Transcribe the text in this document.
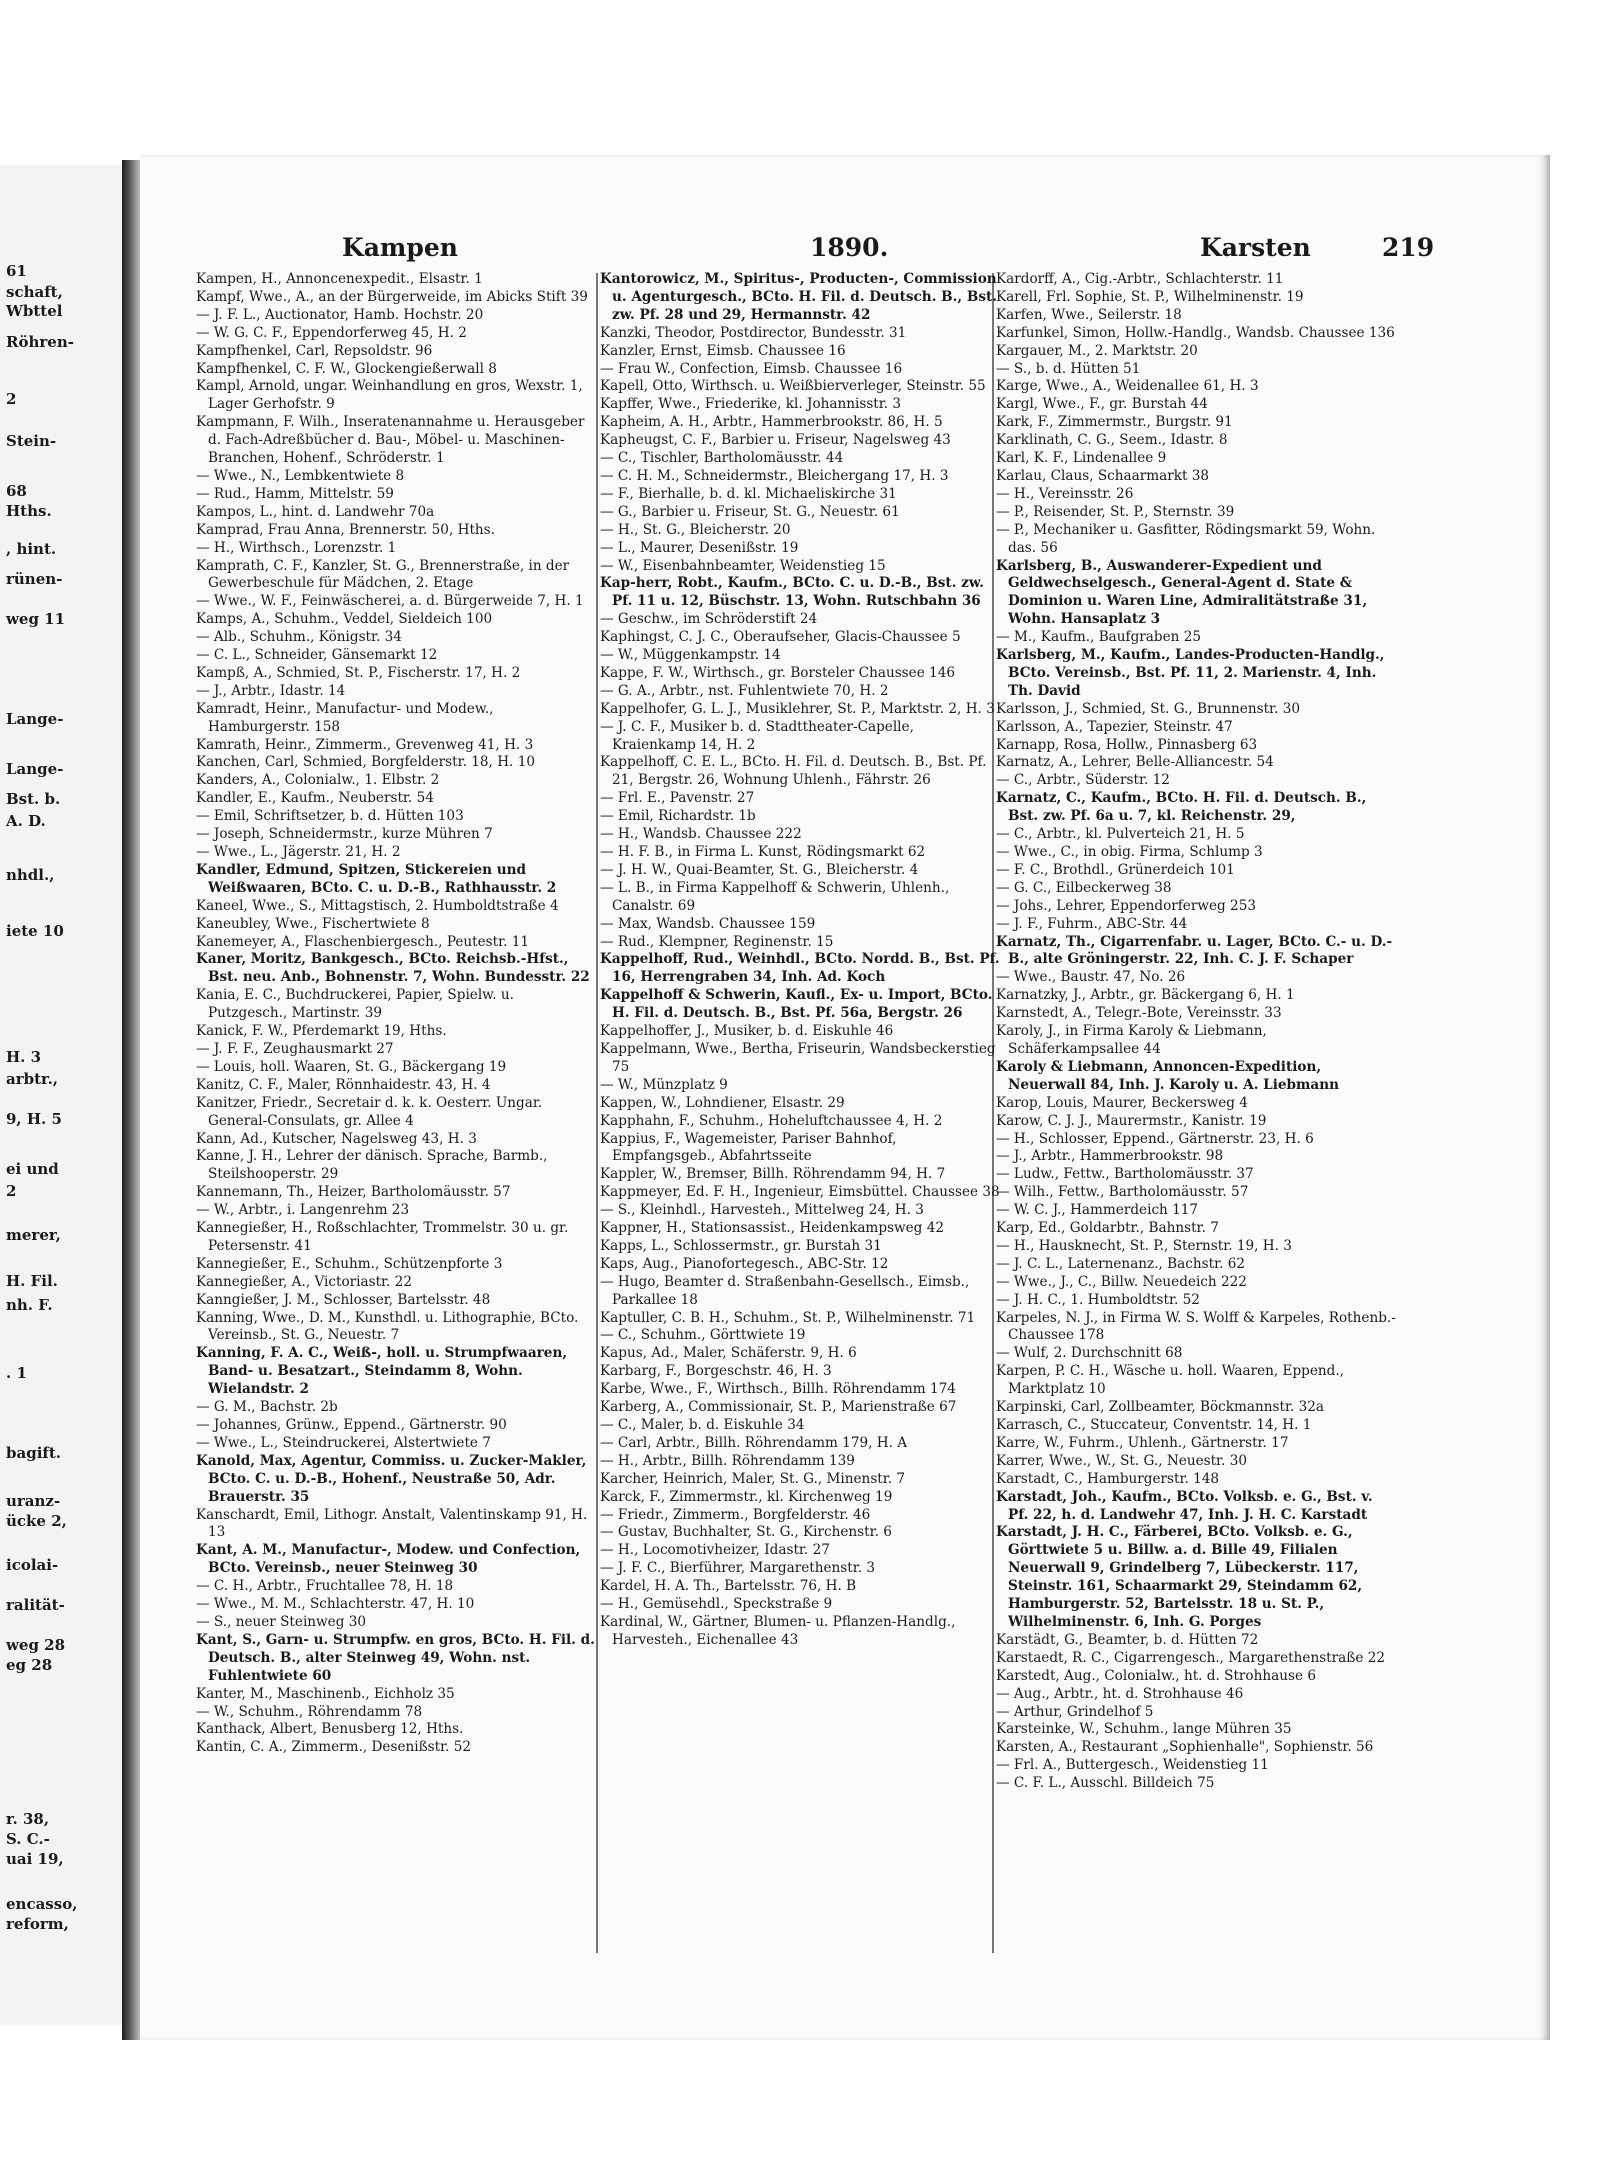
61
schaft,
Wbttel
Röhren-
2
Stein-
68
Hths.
, hint.
rünen-
weg 11
Lange-
Lange-
Bst. b.
A. D.
nhdl.,
iete 10
H. 3
arbtr.,
9, H. 5
ei und
2
merer,
H. Fil.
nh. F.
. 1
bagift.
uranz-
ücke 2,
icolai-
ralität-
weg 28
eg 28
r. 38,
S. C.-
uai 19,
encasso,
reform,
Kampen	1890.	Karsten	219

Kampen, H., Annoncenexpedit., Elsastr. 1

Kampf, Wwe., A., an der Bürgerweide, im Abicks Stift 39

— J. F. L., Auctionator, Hamb. Hochstr. 20

— W. G. C. F., Eppendorferweg 45, H. 2

Kampfhenkel, Carl, Repsoldstr. 96

Kampfhenkel, C. F. W., Glockengießerwall 8

Kampl, Arnold, ungar. Weinhandlung en gros, Wexstr. 1, Lager Gerhofstr. 9

Kampmann, F. Wilh., Inseratenannahme u. Herausgeber d. Fach-Adreßbücher d. Bau-, Möbel- u. Maschinen-Branchen, Hohenf., Schröderstr. 1

— Wwe., N., Lembkentwiete 8

— Rud., Hamm, Mittelstr. 59

Kampos, L., hint. d. Landwehr 70a

Kamprad, Frau Anna, Brennerstr. 50, Hths.

— H., Wirthsch., Lorenzstr. 1

Kamprath, C. F., Kanzler, St. G., Brennerstraße, in der Gewerbeschule für Mädchen, 2. Etage

— Wwe., W. F., Feinwäscherei, a. d. Bürgerweide 7, H. 1

Kamps, A., Schuhm., Veddel, Sieldeich 100

— Alb., Schuhm., Königstr. 34

— C. L., Schneider, Gänsemarkt 12

Kampß, A., Schmied, St. P., Fischerstr. 17, H. 2

— J., Arbtr., Idastr. 14

Kamradt, Heinr., Manufactur- und Modew., Hamburgerstr. 158

Kamrath, Heinr., Zimmerm., Grevenweg 41, H. 3

Kanchen, Carl, Schmied, Borgfelderstr. 18, H. 10

Kanders, A., Colonialw., 1. Elbstr. 2

Kandler, E., Kaufm., Neuberstr. 54

— Emil, Schriftsetzer, b. d. Hütten 103

— Joseph, Schneidermstr., kurze Mühren 7

— Wwe., L., Jägerstr. 21, H. 2

Kandler, Edmund, Spitzen, Stickereien und Weißwaaren, BCto. C. u. D.-B., Rathhausstr. 2

Kaneel, Wwe., S., Mittagstisch, 2. Humboldtstraße 4

Kaneubley, Wwe., Fischertwiete 8

Kanemeyer, A., Flaschenbiergesch., Peutestr. 11

Kaner, Moritz, Bankgesch., BCto. Reichsb.-Hfst., Bst. neu. Anb., Bohnenstr. 7, Wohn. Bundesstr. 22

Kania, E. C., Buchdruckerei, Papier, Spielw. u. Putzgesch., Martinstr. 39

Kanick, F. W., Pferdemarkt 19, Hths.

— J. F. F., Zeughausmarkt 27

— Louis, holl. Waaren, St. G., Bäckergang 19

Kanitz, C. F., Maler, Rönnhaidestr. 43, H. 4

Kanitzer, Friedr., Secretair d. k. k. Oesterr. Ungar. General-Consulats, gr. Allee 4

Kann, Ad., Kutscher, Nagelsweg 43, H. 3

Kanne, J. H., Lehrer der dänisch. Sprache, Barmb., Steilshooperstr. 29

Kannemann, Th., Heizer, Bartholomäusstr. 57

— W., Arbtr., i. Langenrehm 23

Kannegießer, H., Roßschlachter, Trommelstr. 30 u. gr. Petersenstr. 41

Kannegießer, E., Schuhm., Schützenpforte 3

Kannegießer, A., Victoriastr. 22

Kanngießer, J. M., Schlosser, Bartelsstr. 48

Kanning, Wwe., D. M., Kunsthdl. u. Lithographie, BCto. Vereinsb., St. G., Neuestr. 7

Kanning, F. A. C., Weiß-, holl. u. Strumpfwaaren, Band- u. Besatzart., Steindamm 8, Wohn. Wielandstr. 2

— G. M., Bachstr. 2b

— Johannes, Grünw., Eppend., Gärtnerstr. 90

— Wwe., L., Steindruckerei, Alstertwiete 7

Kanold, Max, Agentur, Commiss. u. Zucker-Makler, BCto. C. u. D.-B., Hohenf., Neustraße 50, Adr. Brauerstr. 35

Kanschardt, Emil, Lithogr. Anstalt, Valentinskamp 91, H. 13

Kant, A. M., Manufactur-, Modew. und Confection, BCto. Vereinsb., neuer Steinweg 30

— C. H., Arbtr., Fruchtallee 78, H. 18

— Wwe., M. M., Schlachterstr. 47, H. 10

— S., neuer Steinweg 30

Kant, S., Garn- u. Strumpfw. en gros, BCto. H. Fil. d. Deutsch. B., alter Steinweg 49, Wohn. nst. Fuhlentwiete 60

Kanter, M., Maschinenb., Eichholz 35

— W., Schuhm., Röhrendamm 78

Kanthack, Albert, Benusberg 12, Hths.

Kantin, C. A., Zimmerm., Desenißstr. 52

Kantorowicz, M., Spiritus-, Producten-, Commission u. Agenturgesch., BCto. H. Fil. d. Deutsch. B., Bst. zw. Pf. 28 und 29, Hermannstr. 42

Kanzki, Theodor, Postdirector, Bundesstr. 31

Kanzler, Ernst, Eimsb. Chaussee 16

— Frau W., Confection, Eimsb. Chaussee 16

Kapell, Otto, Wirthsch. u. Weißbierverleger, Steinstr. 55

Kapffer, Wwe., Friederike, kl. Johannisstr. 3

Kapheim, A. H., Arbtr., Hammerbrookstr. 86, H. 5

Kapheugst, C. F., Barbier u. Friseur, Nagelsweg 43

— C., Tischler, Bartholomäusstr. 44

— C. H. M., Schneidermstr., Bleichergang 17, H. 3

— F., Bierhalle, b. d. kl. Michaeliskirche 31

— G., Barbier u. Friseur, St. G., Neuestr. 61

— H., St. G., Bleicherstr. 20

— L., Maurer, Desenißstr. 19

— W., Eisenbahnbeamter, Weidenstieg 15

Kap-herr, Robt., Kaufm., BCto. C. u. D.-B., Bst. zw. Pf. 11 u. 12, Büschstr. 13, Wohn. Rutschbahn 36

— Geschw., im Schröderstift 24

Kaphingst, C. J. C., Oberaufseher, Glacis-Chaussee 5

— W., Müggenkampstr. 14

Kappe, F. W., Wirthsch., gr. Borsteler Chaussee 146

— G. A., Arbtr., nst. Fuhlentwiete 70, H. 2

Kappelhofer, G. L. J., Musiklehrer, St. P., Marktstr. 2, H. 3

— J. C. F., Musiker b. d. Stadttheater-Capelle, Kraienkamp 14, H. 2

Kappelhoff, C. E. L., BCto. H. Fil. d. Deutsch. B., Bst. Pf. 21, Bergstr. 26, Wohnung Uhlenh., Fährstr. 26

— Frl. E., Pavenstr. 27

— Emil, Richardstr. 1b

— H., Wandsb. Chaussee 222

— H. F. B., in Firma L. Kunst, Rödingsmarkt 62

— J. H. W., Quai-Beamter, St. G., Bleicherstr. 4

— L. B., in Firma Kappelhoff & Schwerin, Uhlenh., Canalstr. 69

— Max, Wandsb. Chaussee 159

— Rud., Klempner, Reginenstr. 15

Kappelhoff, Rud., Weinhdl., BCto. Nordd. B., Bst. Pf. 16, Herrengraben 34, Inh. Ad. Koch

Kappelhoff & Schwerin, Kaufl., Ex- u. Import, BCto. H. Fil. d. Deutsch. B., Bst. Pf. 56a, Bergstr. 26

Kappelhoffer, J., Musiker, b. d. Eiskuhle 46

Kappelmann, Wwe., Bertha, Friseurin, Wandsbeckerstieg 75

— W., Münzplatz 9

Kappen, W., Lohndiener, Elsastr. 29

Kapphahn, F., Schuhm., Hoheluftchaussee 4, H. 2

Kappius, F., Wagemeister, Pariser Bahnhof, Empfangsgeb., Abfahrtsseite

Kappler, W., Bremser, Billh. Röhrendamm 94, H. 7

Kappmeyer, Ed. F. H., Ingenieur, Eimsbüttel. Chaussee 38

— S., Kleinhdl., Harvesteh., Mittelweg 24, H. 3

Kappner, H., Stationsassist., Heidenkampsweg 42

Kapps, L., Schlossermstr., gr. Burstah 31

Kaps, Aug., Pianofortegesch., ABC-Str. 12

— Hugo, Beamter d. Straßenbahn-Gesellsch., Eimsb., Parkallee 18

Kaptuller, C. B. H., Schuhm., St. P., Wilhelminenstr. 71

— C., Schuhm., Görttwiete 19

Kapus, Ad., Maler, Schäferstr. 9, H. 6

Karbarg, F., Borgeschstr. 46, H. 3

Karbe, Wwe., F., Wirthsch., Billh. Röhrendamm 174

Karberg, A., Commissionair, St. P., Marienstraße 67

— C., Maler, b. d. Eiskuhle 34

— Carl, Arbtr., Billh. Röhrendamm 179, H. A

— H., Arbtr., Billh. Röhrendamm 139

Karcher, Heinrich, Maler, St. G., Minenstr. 7

Karck, F., Zimmermstr., kl. Kirchenweg 19

— Friedr., Zimmerm., Borgfelderstr. 46

— Gustav, Buchhalter, St. G., Kirchenstr. 6

— H., Locomotivheizer, Idastr. 27

— J. F. C., Bierführer, Margarethenstr. 3

Kardel, H. A. Th., Bartelsstr. 76, H. B

— H., Gemüsehdl., Speckstraße 9

Kardinal, W., Gärtner, Blumen- u. Pflanzen-Handlg., Harvesteh., Eichenallee 43

Kardorff, A., Cig.-Arbtr., Schlachterstr. 11

Karell, Frl. Sophie, St. P., Wilhelminenstr. 19

Karfen, Wwe., Seilerstr. 18

Karfunkel, Simon, Hollw.-Handlg., Wandsb. Chaussee 136

Kargauer, M., 2. Marktstr. 20

— S., b. d. Hütten 51

Karge, Wwe., A., Weidenallee 61, H. 3

Kargl, Wwe., F., gr. Burstah 44

Kark, F., Zimmermstr., Burgstr. 91

Karklinath, C. G., Seem., Idastr. 8

Karl, K. F., Lindenallee 9

Karlau, Claus, Schaarmarkt 38

— H., Vereinsstr. 26

— P., Reisender, St. P., Sternstr. 39

— P., Mechaniker u. Gasfitter, Rödingsmarkt 59, Wohn. das. 56

Karlsberg, B., Auswanderer-Expedient und Geldwechselgesch., General-Agent d. State & Dominion u. Waren Line, Admiralitätstraße 31, Wohn. Hansaplatz 3

— M., Kaufm., Baufgraben 25

Karlsberg, M., Kaufm., Landes-Producten-Handlg., BCto. Vereinsb., Bst. Pf. 11, 2. Marienstr. 4, Inh. Th. David

Karlsson, J., Schmied, St. G., Brunnenstr. 30

Karlsson, A., Tapezier, Steinstr. 47

Karnapp, Rosa, Hollw., Pinnasberg 63

Karnatz, A., Lehrer, Belle-Alliancestr. 54

— C., Arbtr., Süderstr. 12

Karnatz, C., Kaufm., BCto. H. Fil. d. Deutsch. B., Bst. zw. Pf. 6a u. 7, kl. Reichenstr. 29,

— C., Arbtr., kl. Pulverteich 21, H. 5

— Wwe., C., in obig. Firma, Schlump 3

— F. C., Brothdl., Grünerdeich 101

— G. C., Eilbeckerweg 38

— Johs., Lehrer, Eppendorferweg 253

— J. F., Fuhrm., ABC-Str. 44

Karnatz, Th., Cigarrenfabr. u. Lager, BCto. C.- u. D.-B., alte Gröningerstr. 22, Inh. C. J. F. Schaper

— Wwe., Baustr. 47, No. 26

Karnatzky, J., Arbtr., gr. Bäckergang 6, H. 1

Karnstedt, A., Telegr.-Bote, Vereinsstr. 33

Karoly, J., in Firma Karoly & Liebmann, Schäferkampsallee 44

Karoly & Liebmann, Annoncen-Expedition, Neuerwall 84, Inh. J. Karoly u. A. Liebmann

Karop, Louis, Maurer, Beckersweg 4

Karow, C. J. J., Maurermstr., Kanistr. 19

— H., Schlosser, Eppend., Gärtnerstr. 23, H. 6

— J., Arbtr., Hammerbrookstr. 98

— Ludw., Fettw., Bartholomäusstr. 37

— Wilh., Fettw., Bartholomäusstr. 57

— W. C. J., Hammerdeich 117

Karp, Ed., Goldarbtr., Bahnstr. 7

— H., Hausknecht, St. P., Sternstr. 19, H. 3

— J. C. L., Laternenanz., Bachstr. 62

— Wwe., J., C., Billw. Neuedeich 222

— J. H. C., 1. Humboldtstr. 52

Karpeles, N. J., in Firma W. S. Wolff & Karpeles, Rothenb.-Chaussee 178

— Wulf, 2. Durchschnitt 68

Karpen, P. C. H., Wäsche u. holl. Waaren, Eppend., Marktplatz 10

Karpinski, Carl, Zollbeamter, Böckmannstr. 32a

Karrasch, C., Stuccateur, Conventstr. 14, H. 1

Karre, W., Fuhrm., Uhlenh., Gärtnerstr. 17

Karrer, Wwe., W., St. G., Neuestr. 30

Karstadt, C., Hamburgerstr. 148

Karstadt, Joh., Kaufm., BCto. Volksb. e. G., Bst. v. Pf. 22, h. d. Landwehr 47, Inh. J. H. C. Karstadt

Karstadt, J. H. C., Färberei, BCto. Volksb. e. G., Görttwiete 5 u. Billw. a. d. Bille 49, Filialen Neuerwall 9, Grindelberg 7, Lübeckerstr. 117, Steinstr. 161, Schaarmarkt 29, Steindamm 62, Hamburgerstr. 52, Bartelsstr. 18 u. St. P., Wilhelminenstr. 6, Inh. G. Porges

Karstädt, G., Beamter, b. d. Hütten 72

Karstaedt, R. C., Cigarrengesch., Margarethenstraße 22

Karstedt, Aug., Colonialw., ht. d. Strohhause 6

— Aug., Arbtr., ht. d. Strohhause 46

— Arthur, Grindelhof 5

Karsteinke, W., Schuhm., lange Mühren 35

Karsten, A., Restaurant „Sophienhalle", Sophienstr. 56

— Frl. A., Buttergesch., Weidenstieg 11

— C. F. L., Ausschl. Billdeich 75
